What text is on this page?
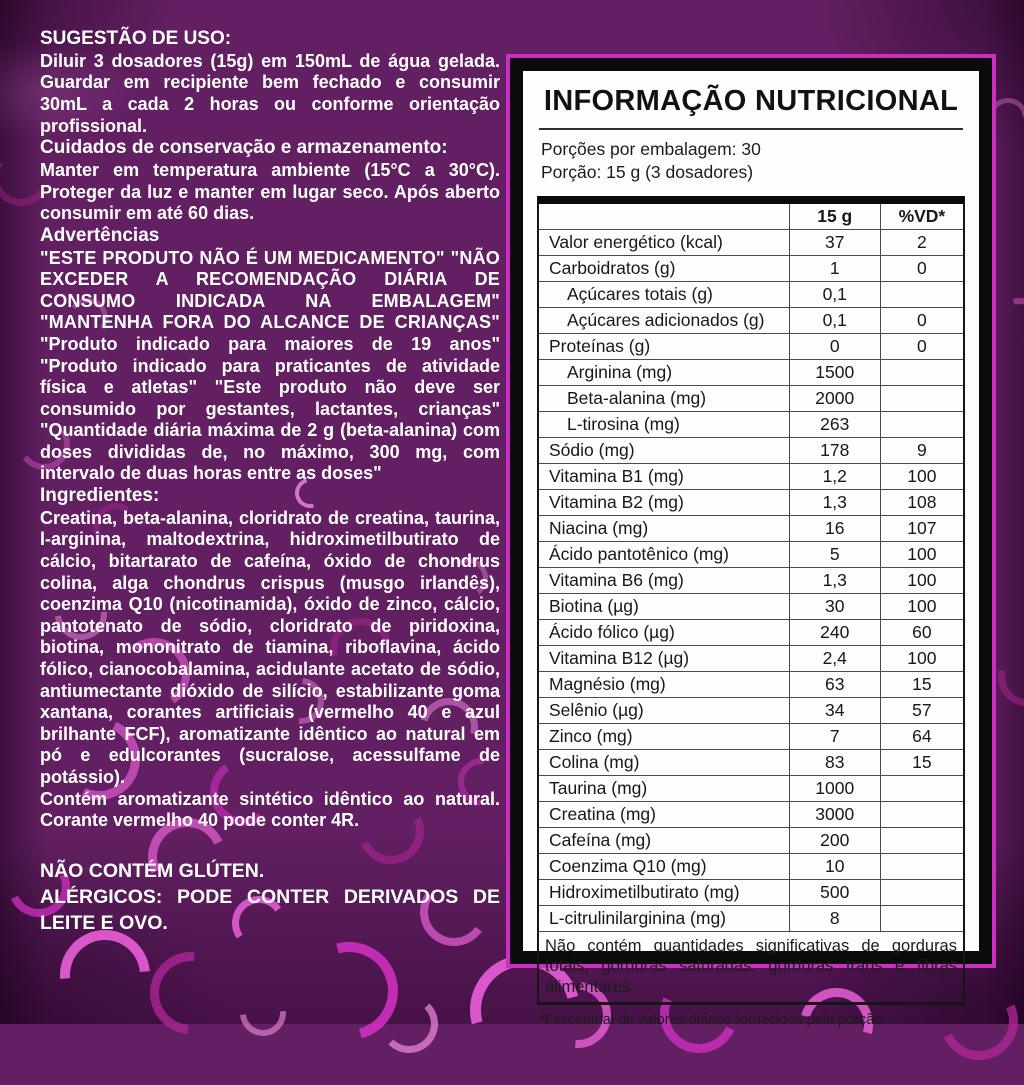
SUGESTÃO DE USO:

Diluir 3 dosadores (15g) em 150mL de água gelada. Guardar em recipiente bem fechado e consumir 30mL a cada 2 horas ou conforme orientação profissional.

Cuidados de conservação e armazenamento:

Manter em temperatura ambiente (15°C a 30°C). Proteger da luz e manter em lugar seco. Após aberto consumir em até 60 dias.

Advertências

"ESTE PRODUTO NÃO É UM MEDICAMENTO" "NÃO EXCEDER A RECOMENDAÇÃO DIÁRIA DE CONSUMO INDICADA NA EMBALAGEM" "MANTENHA FORA DO ALCANCE DE CRIANÇAS" "Produto indicado para maiores de 19 anos" "Produto indicado para praticantes de atividade física e atletas" "Este produto não deve ser consumido por gestantes, lactantes, crianças" "Quantidade diária máxima de 2 g (beta-alanina) com doses divididas de, no máximo, 300 mg, com intervalo de duas horas entre as doses"

Ingredientes:

Creatina, beta-alanina, cloridrato de creatina, taurina, l-arginina, maltodextrina, hidroximetilbutirato de cálcio, bitartarato de cafeína, óxido de chondrus colina, alga chondrus crispus (musgo irlandês), coenzima Q10 (nicotinamida), óxido de zinco, cálcio, pantotenato de sódio, cloridrato de piridoxina, biotina, mononitrato de tiamina, riboflavina, ácido fólico, cianocobalamina, acidulante acetato de sódio, antiumectante dióxido de silício, estabilizante goma xantana, corantes artificiais (vermelho 40 e azul brilhante FCF), aromatizante idêntico ao natural em pó e edulcorantes (sucralose, acessulfame de potássio).

Contém aromatizante sintético idêntico ao natural. Corante vermelho 40 pode conter 4R.

NÃO CONTÉM GLÚTEN.

ALÉRGICOS: PODE CONTER DERIVADOS DE LEITE E OVO.

INFORMAÇÃO NUTRICIONAL

Porções por embalagem: 30

Porção: 15 g (3 dosadores)

	15 g	%VD*
Valor energético (kcal)	37	2
Carboidratos (g)	1	0
Açúcares totais (g)	0,1	
Açúcares adicionados (g)	0,1	0
Proteínas (g)	0	0
Arginina (mg)	1500	
Beta-alanina (mg)	2000	
L-tirosina (mg)	263	
Sódio (mg)	178	9
Vitamina B1 (mg)	1,2	100
Vitamina B2 (mg)	1,3	108
Niacina (mg)	16	107
Ácido pantotênico (mg)	5	100
Vitamina B6 (mg)	1,3	100
Biotina (µg)	30	100
Ácido fólico (µg)	240	60
Vitamina B12 (µg)	2,4	100
Magnésio (mg)	63	15
Selênio (µg)	34	57
Zinco (mg)	7	64
Colina (mg)	83	15
Taurina (mg)	1000	
Creatina (mg)	3000	
Cafeína (mg)	200	
Coenzima Q10 (mg)	10	
Hidroximetilbutirato (mg)	500	
L-citrulinilarginina (mg)	8	

Não contém quantidades significativas de gorduras totais, gorduras saturadas, gorduras trans e fibras alimentares

*Percentual de valores diários fornecidos pela porção.
